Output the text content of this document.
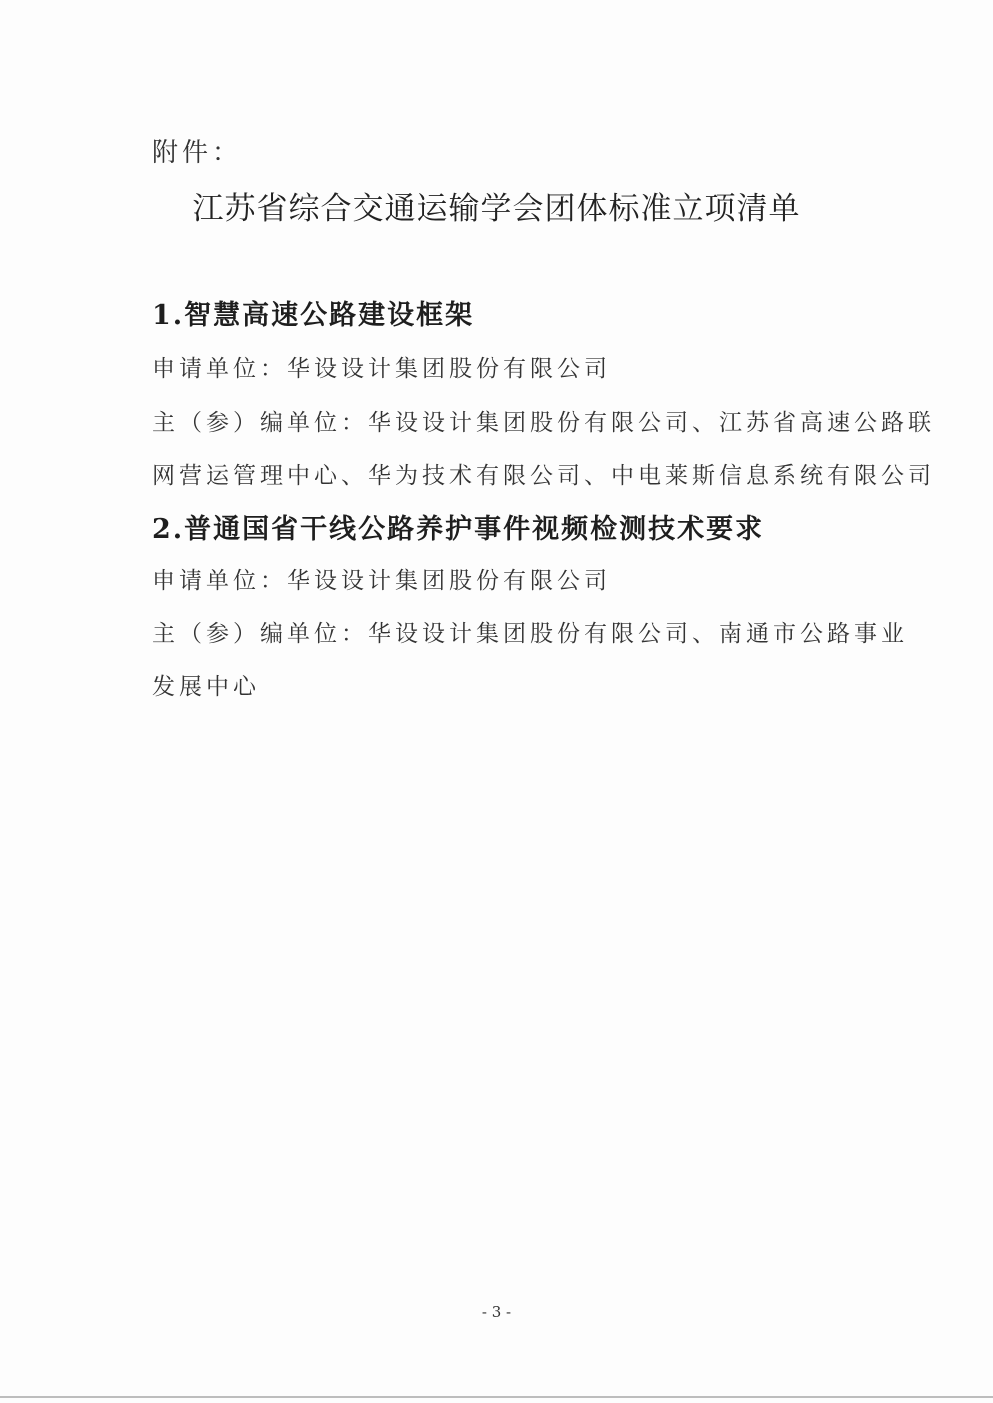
附件：
江苏省综合交通运输学会团体标准立项清单
1.智慧高速公路建设框架
申请单位：华设设计集团股份有限公司
主（参）编单位：华设设计集团股份有限公司、江苏省高速公路联
网营运管理中心、华为技术有限公司、中电莱斯信息系统有限公司
2.普通国省干线公路养护事件视频检测技术要求
申请单位：华设设计集团股份有限公司
主（参）编单位：华设设计集团股份有限公司、南通市公路事业
发展中心
- 3 -
